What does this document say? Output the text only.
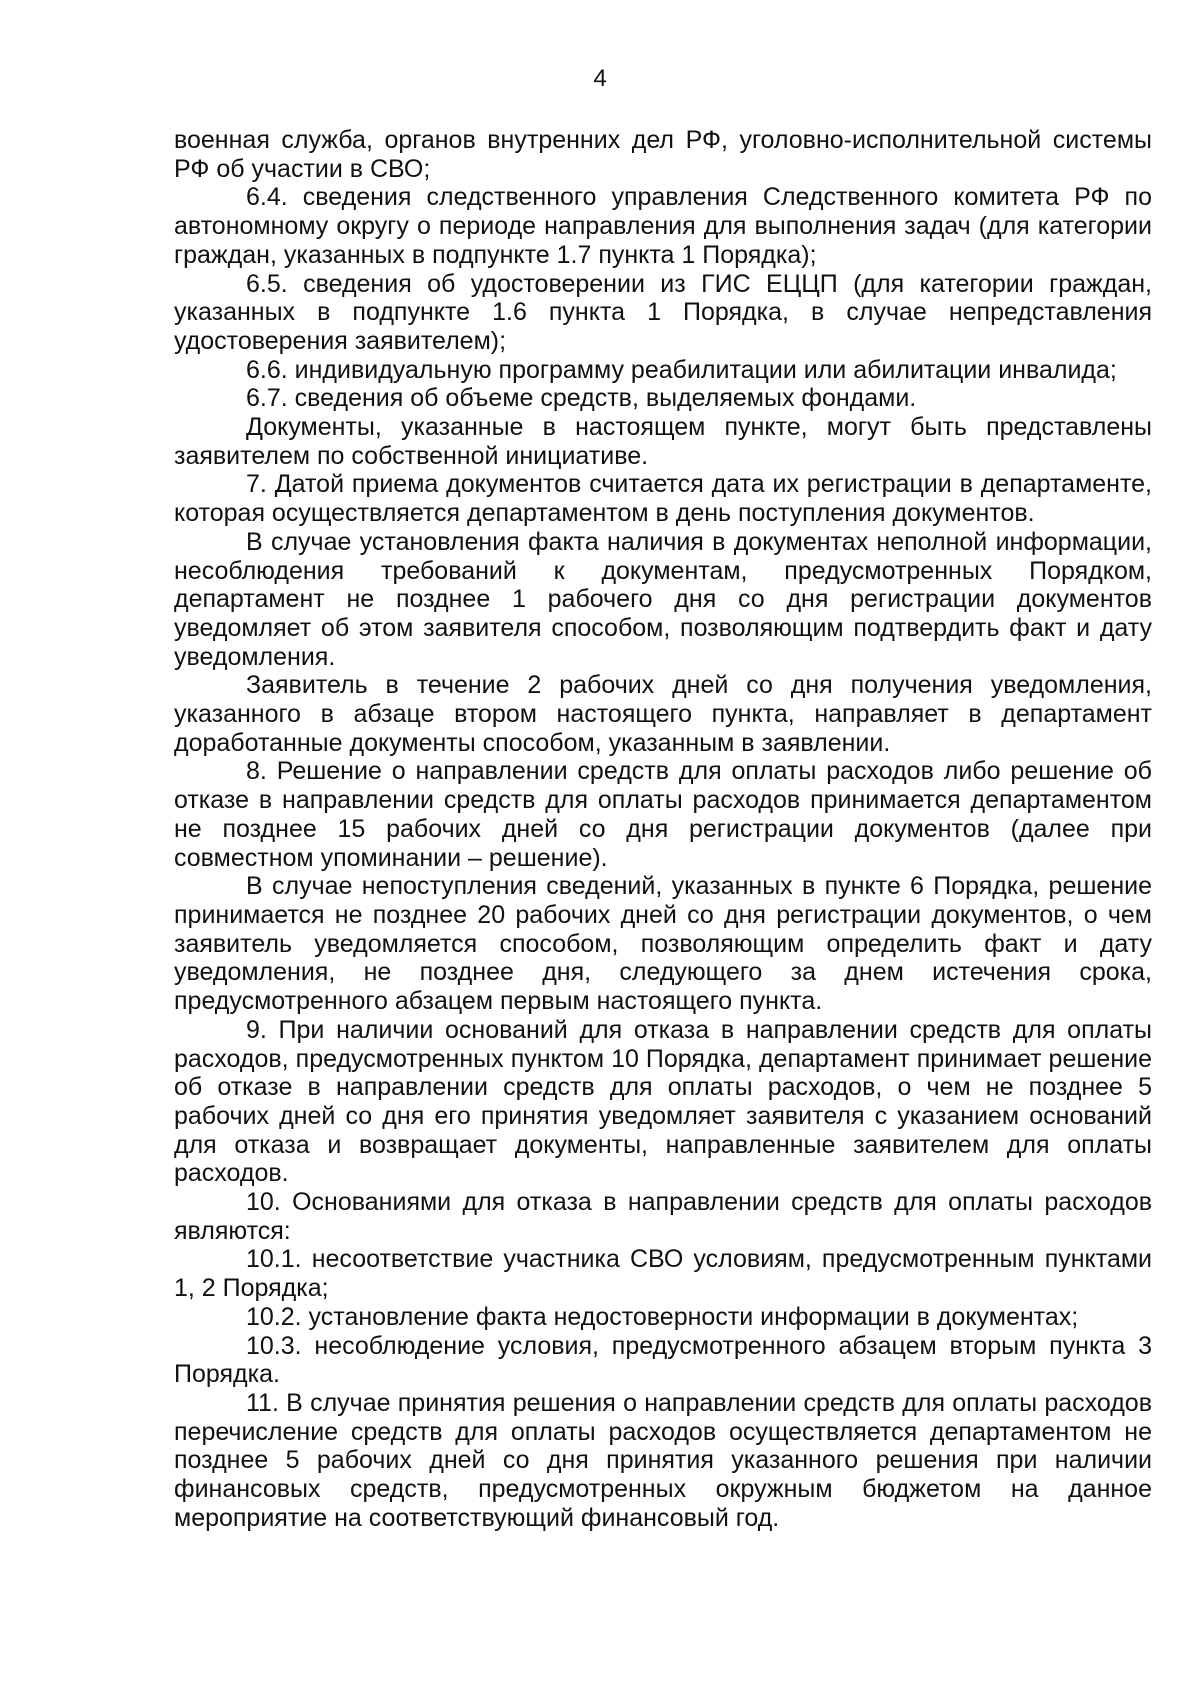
4

военная служба, органов внутренних дел РФ, уголовно-исполнительной системы РФ об участии в СВО;

6.4. сведения следственного управления Следственного комитета РФ по автономному округу о периоде направления для выполнения задач (для категории граждан, указанных в подпункте 1.7 пункта 1 Порядка);

6.5. сведения об удостоверении из ГИС ЕЦЦП (для категории граждан, указанных в подпункте 1.6 пункта 1 Порядка, в случае непредставления удостоверения заявителем);

6.6. индивидуальную программу реабилитации или абилитации инвалида;

6.7. сведения об объеме средств, выделяемых фондами.

Документы, указанные в настоящем пункте, могут быть представлены заявителем по собственной инициативе.

7. Датой приема документов считается дата их регистрации в департаменте, которая осуществляется департаментом в день поступления документов.

В случае установления факта наличия в документах неполной информации, несоблюдения требований к документам, предусмотренных Порядком, департамент не позднее 1 рабочего дня со дня регистрации документов уведомляет об этом заявителя способом, позволяющим подтвердить факт и дату уведомления.

Заявитель в течение 2 рабочих дней со дня получения уведомления, указанного в абзаце втором настоящего пункта, направляет в департамент доработанные документы способом, указанным в заявлении.

8. Решение о направлении средств для оплаты расходов либо решение об отказе в направлении средств для оплаты расходов принимается департаментом не позднее 15 рабочих дней со дня регистрации документов (далее при совместном упоминании – решение).

В случае непоступления сведений, указанных в пункте 6 Порядка, решение принимается не позднее 20 рабочих дней со дня регистрации документов, о чем заявитель уведомляется способом, позволяющим определить факт и дату уведомления, не позднее дня, следующего за днем истечения срока, предусмотренного абзацем первым настоящего пункта.

9. При наличии оснований для отказа в направлении средств для оплаты расходов, предусмотренных пунктом 10 Порядка, департамент принимает решение об отказе в направлении средств для оплаты расходов, о чем не позднее 5 рабочих дней со дня его принятия уведомляет заявителя с указанием оснований для отказа и возвращает документы, направленные заявителем для оплаты расходов.

10. Основаниями для отказа в направлении средств для оплаты расходов являются:

10.1. несоответствие участника СВО условиям, предусмотренным пунктами 1, 2 Порядка;

10.2. установление факта недостоверности информации в документах;

10.3. несоблюдение условия, предусмотренного абзацем вторым пункта 3 Порядка.

11. В случае принятия решения о направлении средств для оплаты расходов перечисление средств для оплаты расходов осуществляется департаментом не позднее 5 рабочих дней со дня принятия указанного решения при наличии финансовых средств, предусмотренных окружным бюджетом на данное мероприятие на соответствующий финансовый год.
